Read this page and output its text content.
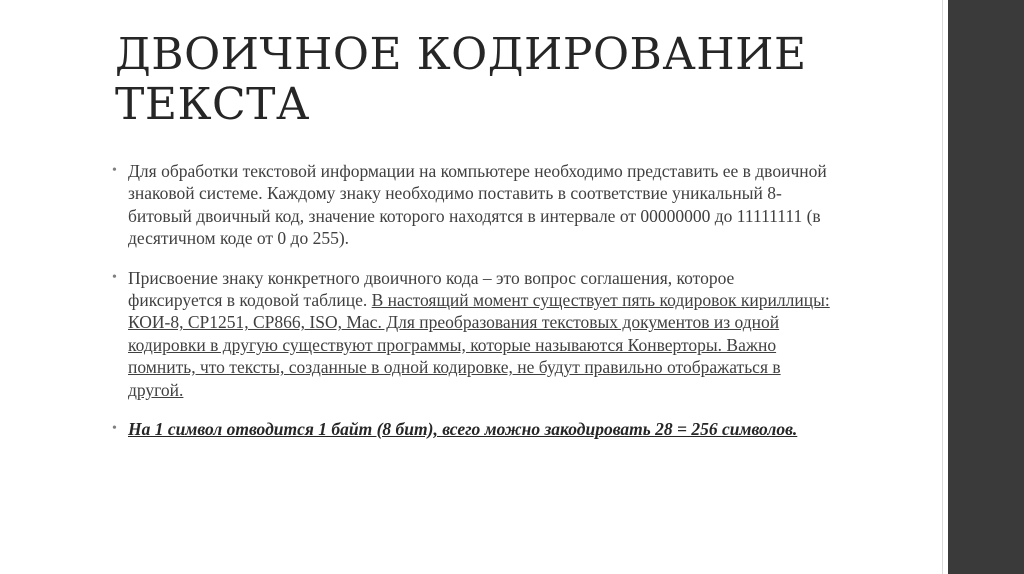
ДВОИЧНОЕ КОДИРОВАНИЕ
ТЕКСТА
• Для обработки текстовой информации на компьютере необходимо представить ее в двоичной знаковой системе. Каждому знаку необходимо поставить в соответствие уникальный 8-битовый двоичный код, значение которого находятся в интервале от 00000000 до 11111111 (в десятичном коде от 0 до 255).
• Присвоение знаку конкретного двоичного кода – это вопрос соглашения, которое фиксируется в кодовой таблице. В настоящий момент существует пять кодировок кириллицы: КОИ-8, CP1251, CP866, ISO, Mac. Для преобразования текстовых документов из одной кодировки в другую существуют программы, которые называются Конверторы. Важно помнить, что тексты, созданные в одной кодировке, не будут правильно отображаться в другой.
• На 1 символ отводится 1 байт (8 бит), всего можно закодировать 28 = 256 символов.
